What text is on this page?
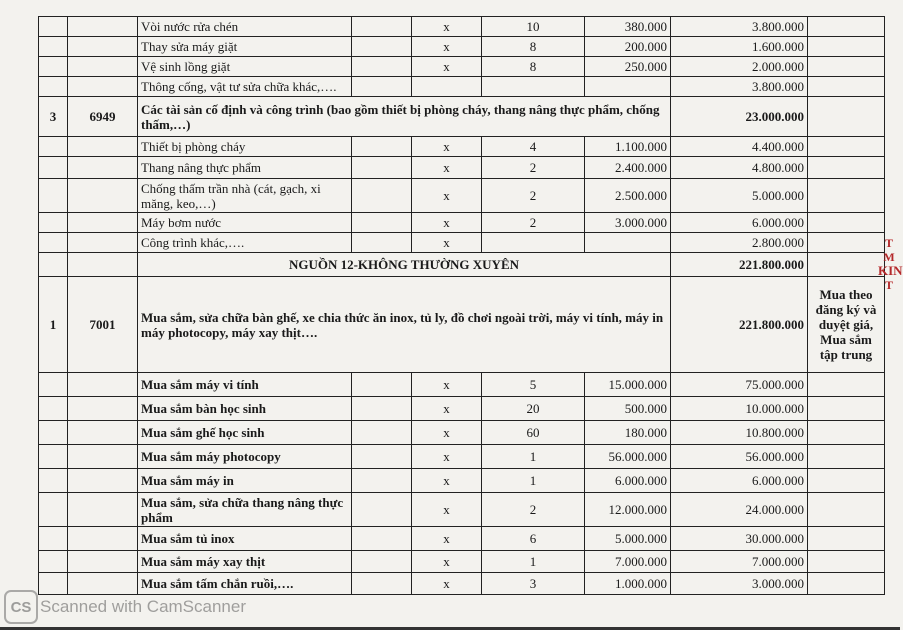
		Vòi nước rửa chén		x	10	380.000	3.800.000	
		Thay sửa máy giặt		x	8	200.000	1.600.000	
		Vệ sinh lồng giặt		x	8	250.000	2.000.000	
		Thông cống, vật tư sửa chữa khác,….					3.800.000	
3	6949	Các tài sản cố định và công trình (bao gồm thiết bị phòng cháy, thang nâng thực phẩm, chống thấm,…)					23.000.000	
		Thiết bị phòng cháy		x	4	1.100.000	4.400.000	
		Thang nâng thực phẩm		x	2	2.400.000	4.800.000	
		Chống thấm trần nhà (cát, gạch, xi măng, keo,…)		x	2	2.500.000	5.000.000	
		Máy bơm nước		x	2	3.000.000	6.000.000	
		Công trình khác,….		x			2.800.000	
		NGUỒN 12-KHÔNG THƯỜNG XUYÊN					221.800.000	
1	7001	Mua sắm, sửa chữa bàn ghế, xe chia thức ăn inox, tủ ly, đồ chơi ngoài trời, máy vi tính, máy in máy photocopy, máy xay thịt….					221.800.000	Mua theo đăng ký và duyệt giá, Mua sắm tập trung
		Mua sắm máy vi tính		x	5	15.000.000	75.000.000	
		Mua sắm bàn học sinh		x	20	500.000	10.000.000	
		Mua sắm ghế học sinh		x	60	180.000	10.800.000	
		Mua sắm máy photocopy		x	1	56.000.000	56.000.000	
		Mua sắm máy in		x	1	6.000.000	6.000.000	
		Mua sắm, sửa chữa thang nâng thực phẩm		x	2	12.000.000	24.000.000	
		Mua sắm tủ inox		x	6	5.000.000	30.000.000	
		Mua sắm máy xay thịt		x	1	7.000.000	7.000.000	
		Mua sắm tấm chắn ruồi,….		x	3	1.000.000	3.000.000	
T
M
KIN
T
CS Scanned with CamScanner
